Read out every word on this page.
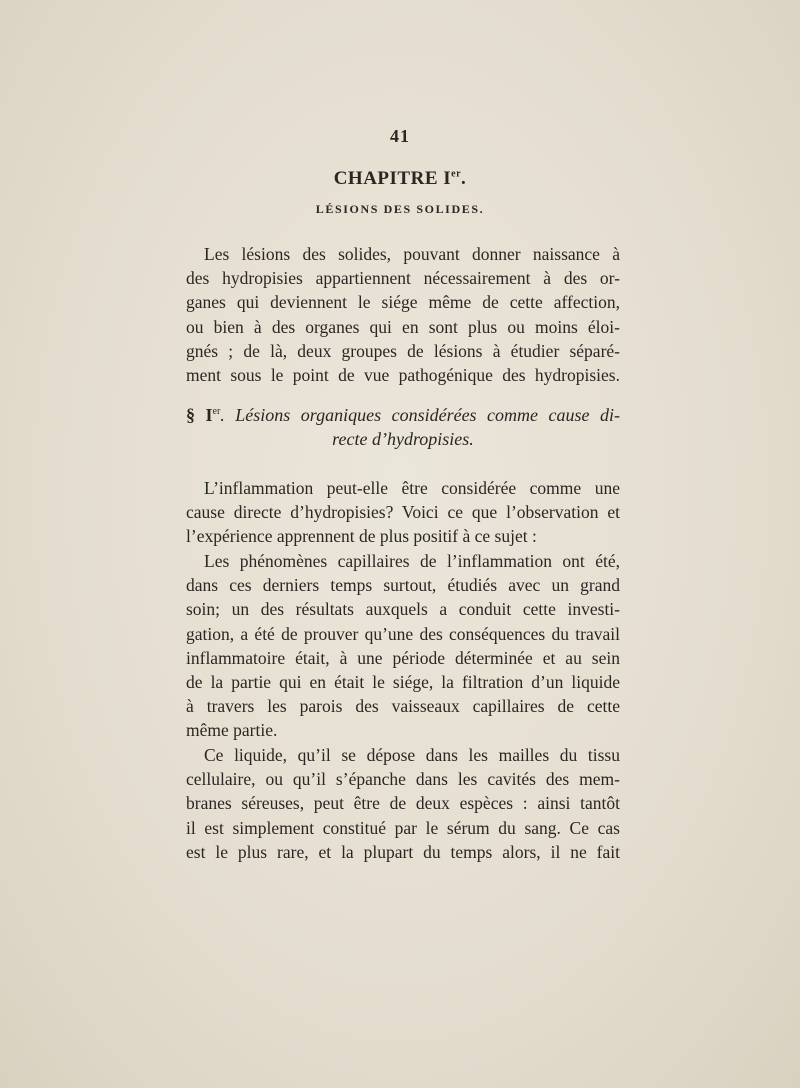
41
CHAPITRE Ier.
LÉSIONS DES SOLIDES.
Les lésions des solides, pouvant donner naissance à
des hydropisies appartiennent nécessairement à des or-
ganes qui deviennent le siége même de cette affection,
ou bien à des organes qui en sont plus ou moins éloi-
gnés ; de là, deux groupes de lésions à étudier séparé-
ment sous le point de vue pathogénique des hydropisies.
§ Ier. Lésions organiques considérées comme cause di-
recte d’hydropisies.
L’inflammation peut-elle être considérée comme une
cause directe d’hydropisies? Voici ce que l’observation et
l’expérience apprennent de plus positif à ce sujet :
Les phénomènes capillaires de l’inflammation ont été,
dans ces derniers temps surtout, étudiés avec un grand
soin; un des résultats auxquels a conduit cette investi-
gation, a été de prouver qu’une des conséquences du travail
inflammatoire était, à une période déterminée et au sein
de la partie qui en était le siége, la filtration d’un liquide
à travers les parois des vaisseaux capillaires de cette
même partie.
Ce liquide, qu’il se dépose dans les mailles du tissu
cellulaire, ou qu’il s’épanche dans les cavités des mem-
branes séreuses, peut être de deux espèces : ainsi tantôt
il est simplement constitué par le sérum du sang. Ce cas
est le plus rare, et la plupart du temps alors, il ne fait
